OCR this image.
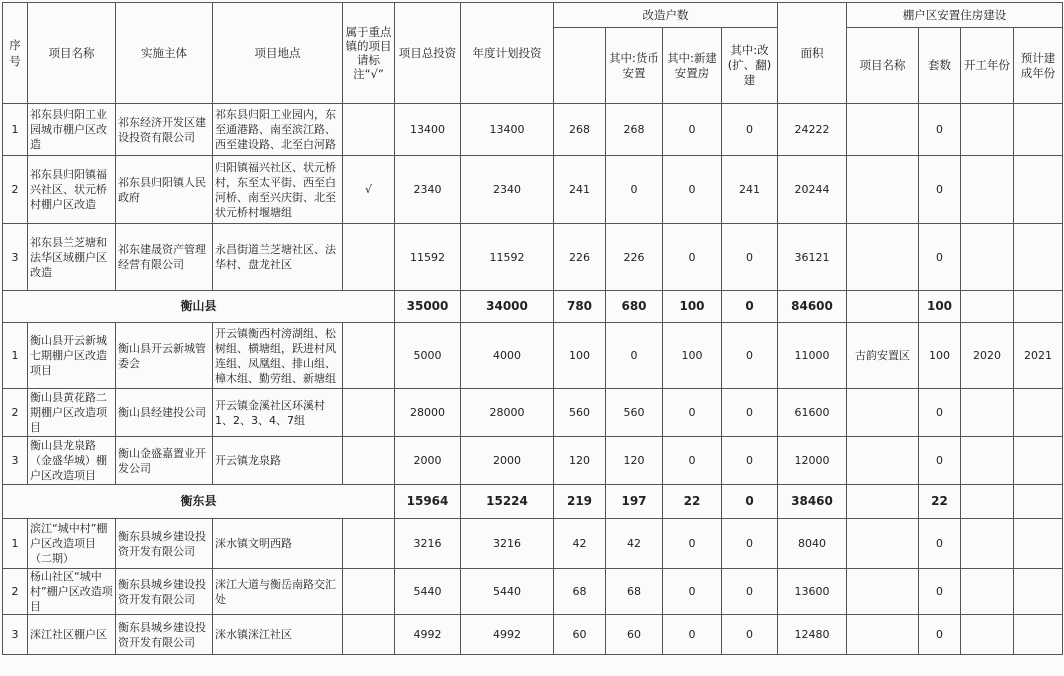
序号	项目名称	实施主体	项目地点	属于重点镇的项目请标注“√”	项目总投资	年度计划投资	改造户数				面积	棚户区安置住房建设			
								其中:货币安置	其中:新建安置房	其中:改(扩、翻)建		项目名称	套数	开工年份	预计建成年份
1	祁东县归阳工业园城市棚户区改造	祁东经济开发区建设投资有限公司	祁东县归阳工业园内，东至通港路、南至滨江路、西至建设路、北至白河路		13400	13400	268	268	0	0	24222		0		
2	祁东县归阳镇福兴社区、状元桥村棚户区改造	祁东县归阳镇人民政府	归阳镇福兴社区、状元桥村，东至太平街、西至白河桥、南至兴庆街、北至状元桥村堰塘组	√	2340	2340	241	0	0	241	20244		0		
3	祁东县兰芝塘和法华区域棚户区改造	祁东建晟资产管理经营有限公司	永昌街道兰芝塘社区、法华村、盘龙社区		11592	11592	226	226	0	0	36121		0		
衡山县					35000	34000	780	680	100	0	84600		100		
1	衡山县开云新城七期棚户区改造项目	衡山县开云新城管委会	开云镇衡西村滂湖组、松树组、横塘组，跃进村风连组、凤凰组、排山组、樟木组、勤劳组、新塘组		5000	4000	100	0	100	0	11000	古韵安置区	100	2020	2021
2	衡山县黄花路二期棚户区改造项目	衡山县经建投公司	开云镇金溪社区环溪村1、2、3、4、7组		28000	28000	560	560	0	0	61600		0		
3	衡山县龙泉路（金盛华城）棚户区改造项目	衡山金盛嘉置业开发公司	开云镇龙泉路		2000	2000	120	120	0	0	12000		0		
衡东县					15964	15224	219	197	22	0	38460		22		
1	滨江“城中村”棚户区改造项目（二期）	衡东县城乡建设投资开发有限公司	洣水镇文明西路		3216	3216	42	42	0	0	8040		0		
2	杨山社区“城中村”棚户区改造项目	衡东县城乡建设投资开发有限公司	洣江大道与衡岳南路交汇处		5440	5440	68	68	0	0	13600		0		
3	洣江社区棚户区	衡东县城乡建设投资开发有限公司	洣水镇洣江社区		4992	4992	60	60	0	0	12480		0		
